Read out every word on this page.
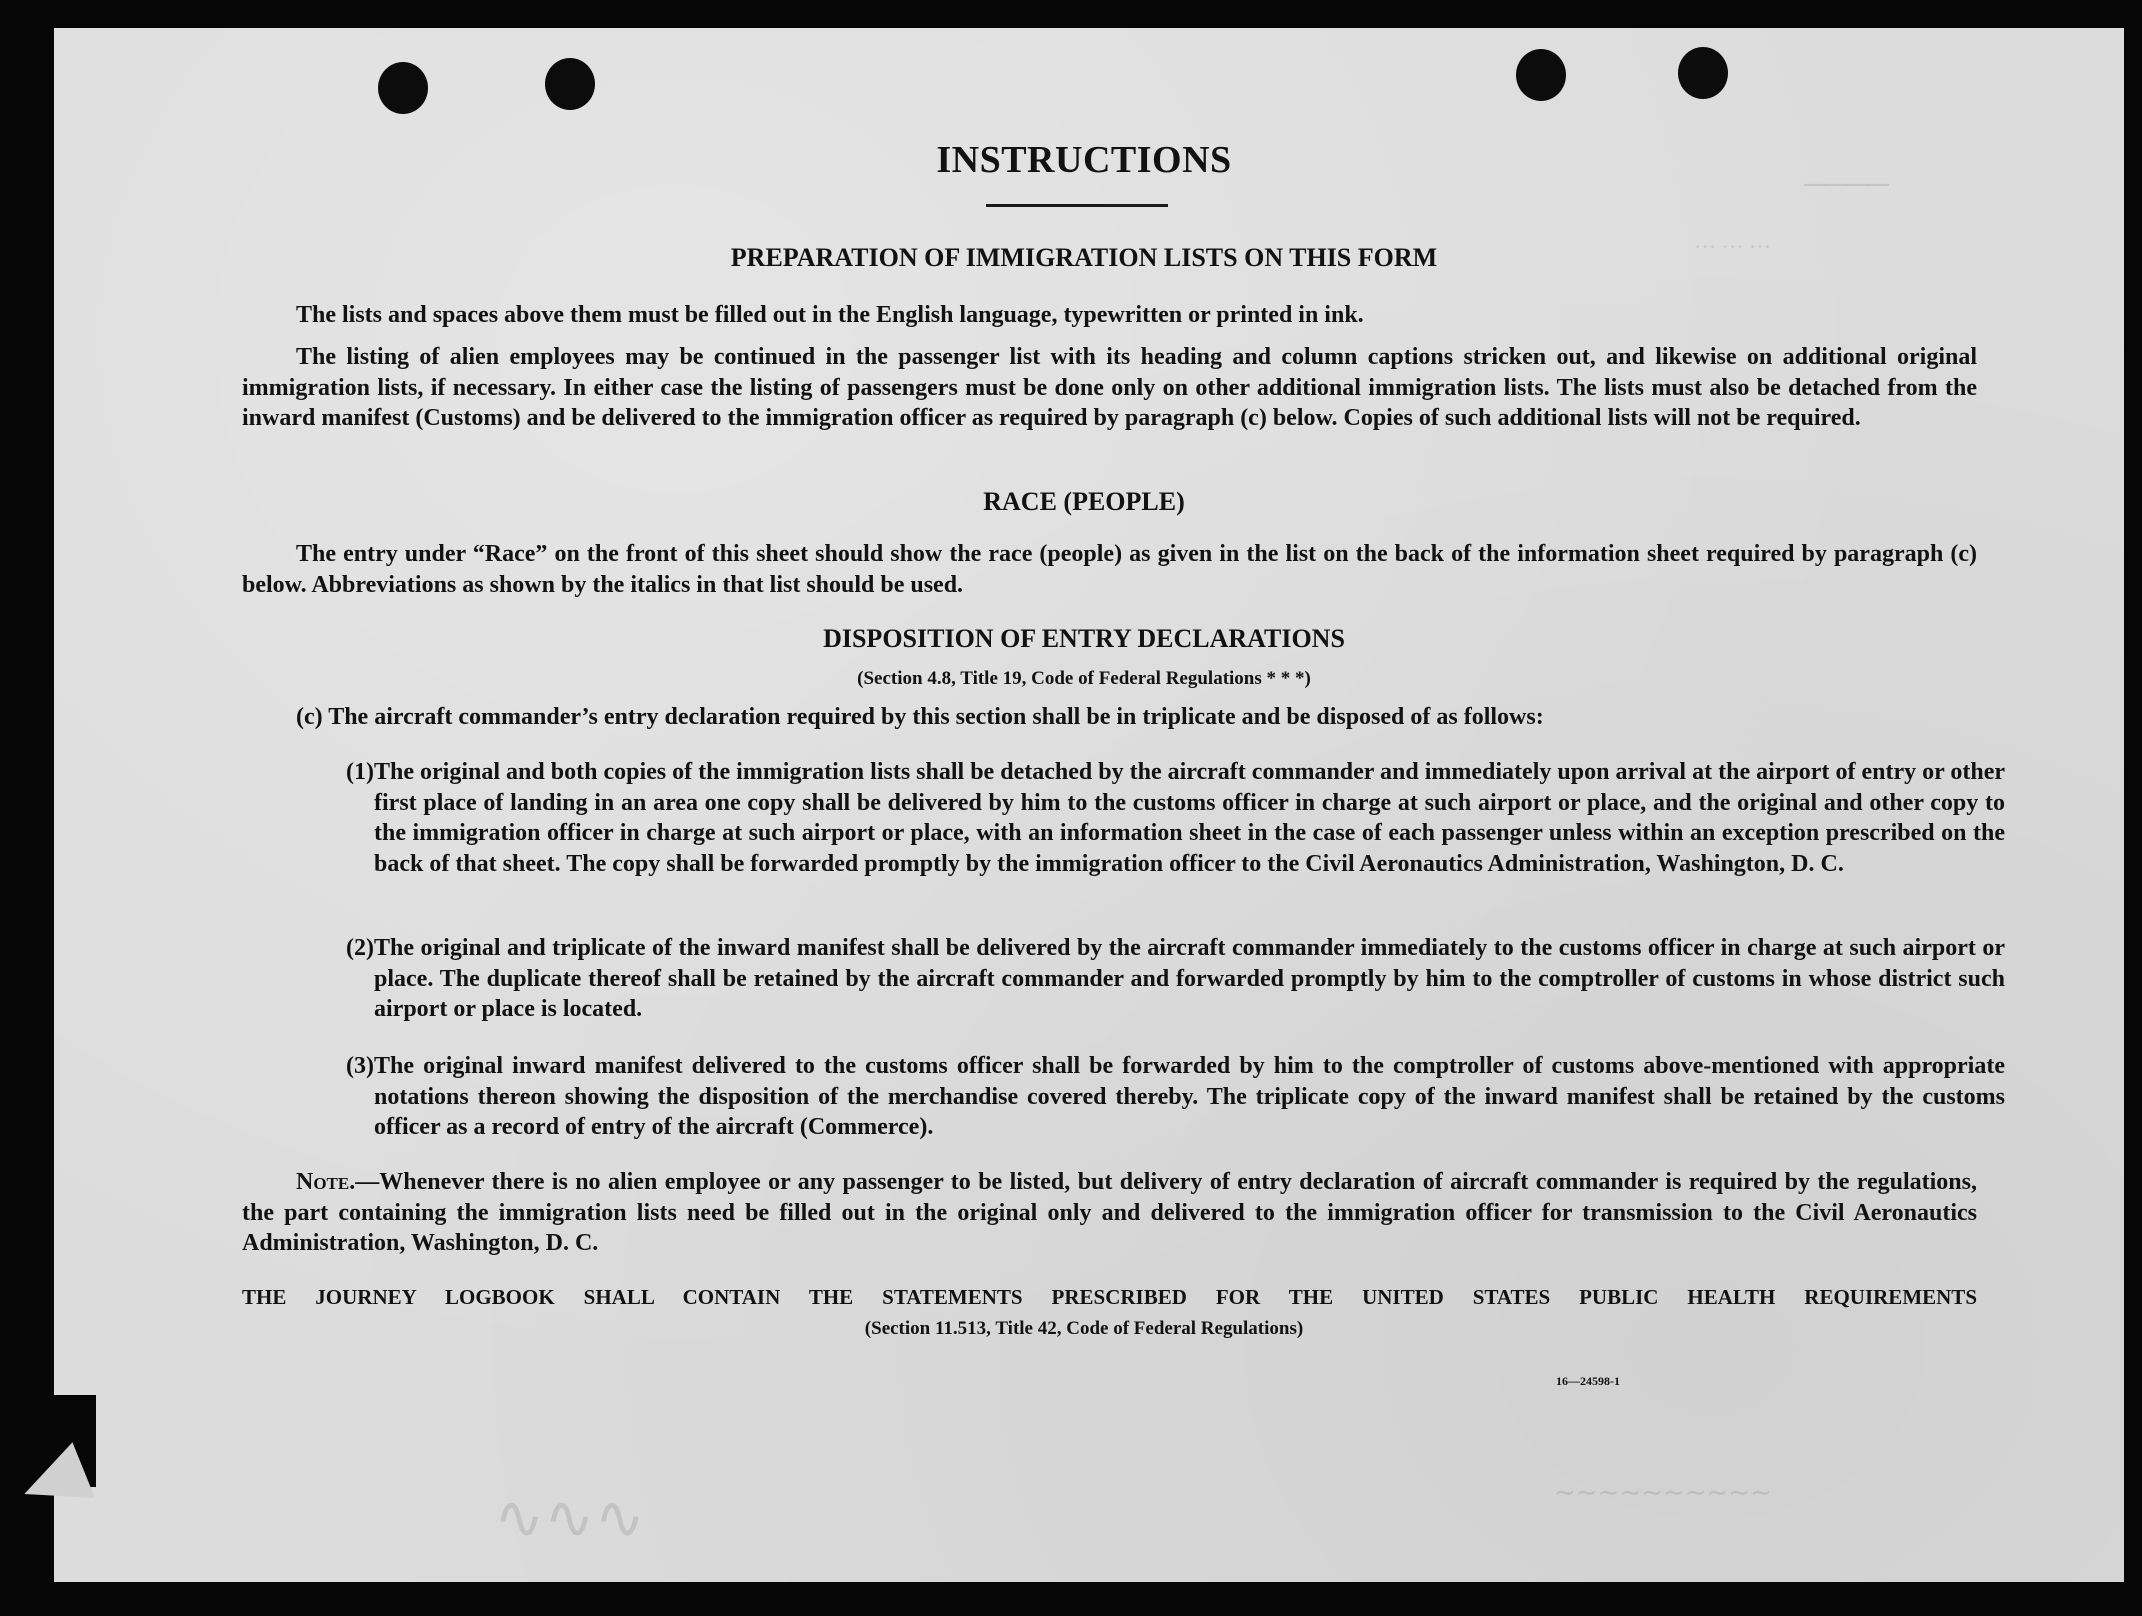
────
… … …
∼∼∼∼∼∼∼∼∼∼
∿∿∿
INSTRUCTIONS
PREPARATION OF IMMIGRATION LISTS ON THIS FORM

The lists and spaces above them must be filled out in the English language, typewritten or printed in ink.

The listing of alien employees may be continued in the passenger list with its heading and column captions stricken out, and likewise on additional original immigration lists, if necessary. In either case the listing of passengers must be done only on other additional immigration lists. The lists must also be detached from the inward manifest (Customs) and be delivered to the immigration officer as required by paragraph (c) below. Copies of such additional lists will not be required.

RACE (PEOPLE)

The entry under “Race” on the front of this sheet should show the race (people) as given in the list on the back of the information sheet required by paragraph (c) below. Abbreviations as shown by the italics in that list should be used.

DISPOSITION OF ENTRY DECLARATIONS
(Section 4.8, Title 19, Code of Federal Regulations * * *)

(c) The aircraft commander’s entry declaration required by this section shall be in triplicate and be disposed of as follows:

(1)The original and both copies of the immigration lists shall be detached by the aircraft commander and immediately upon arrival at the airport of entry or other first place of landing in an area one copy shall be delivered by him to the customs officer in charge at such airport or place, and the original and other copy to the immigration officer in charge at such airport or place, with an information sheet in the case of each passenger unless within an exception prescribed on the back of that sheet. The copy shall be forwarded promptly by the immigration officer to the Civil Aeronautics Administration, Washington, D. C.

(2)The original and triplicate of the inward manifest shall be delivered by the aircraft commander immediately to the customs officer in charge at such airport or place. The duplicate thereof shall be retained by the aircraft commander and forwarded promptly by him to the comptroller of customs in whose district such airport or place is located.

(3)The original inward manifest delivered to the customs officer shall be forwarded by him to the comptroller of customs above-mentioned with appropriate notations thereon showing the disposition of the merchandise covered thereby. The triplicate copy of the inward manifest shall be retained by the customs officer as a record of entry of the aircraft (Commerce).

Note.—Whenever there is no alien employee or any passenger to be listed, but delivery of entry declaration of aircraft commander is required by the regulations, the part containing the immigration lists need be filled out in the original only and delivered to the immigration officer for transmission to the Civil Aeronautics Administration, Washington, D. C.

THE JOURNEY LOGBOOK SHALL CONTAIN THE STATEMENTS PRESCRIBED FOR THE UNITED STATES PUBLIC HEALTH REQUIREMENTS
(Section 11.513, Title 42, Code of Federal Regulations)
16—24598-1
